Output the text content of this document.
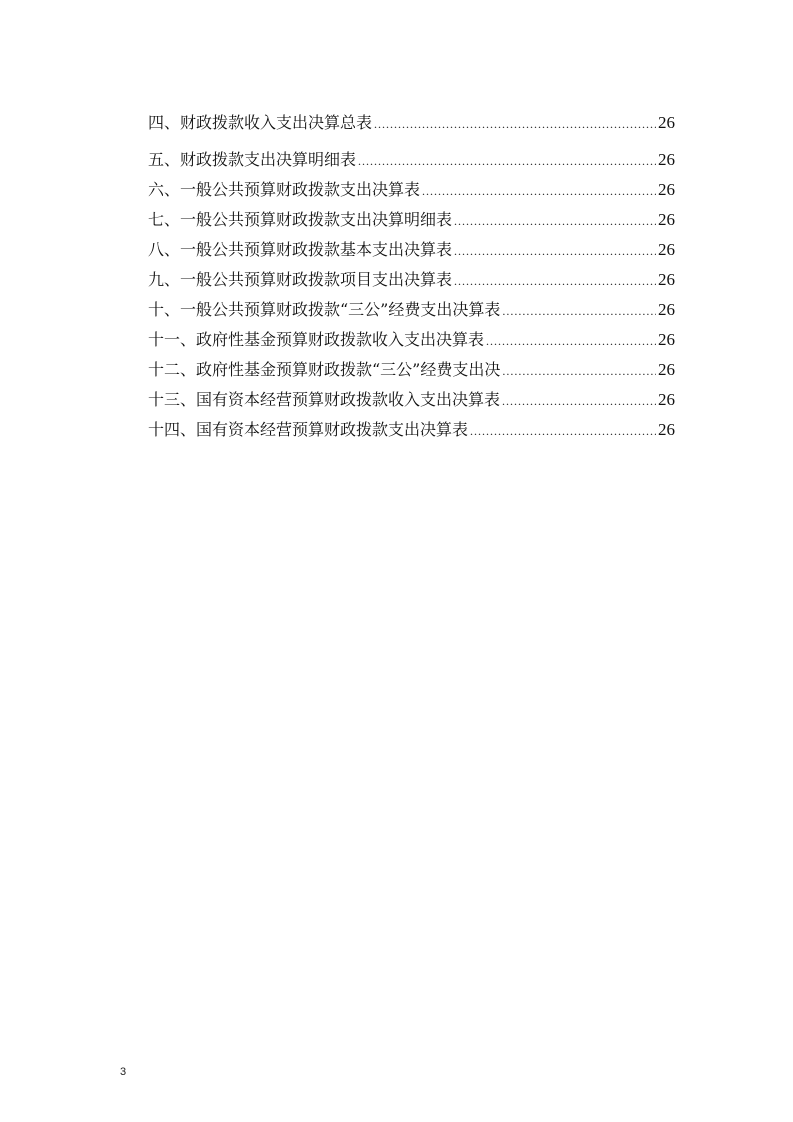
四、财政拨款收入支出决算总表 .....	26
五、财政拨款支出决算明细表 .....	26
六、一般公共预算财政拨款支出决算表 .....	26
七、一般公共预算财政拨款支出决算明细表 .....	26
八、一般公共预算财政拨款基本支出决算表 .....	26
九、一般公共预算财政拨款项目支出决算表 .....	26
十、一般公共预算财政拨款“三公”经费支出决算表 .....	26
十一、政府性基金预算财政拨款收入支出决算表 .....	26
十二、政府性基金预算财政拨款“三公”经费支出决 .....	26
十三、国有资本经营预算财政拨款收入支出决算表 .....	26
十四、国有资本经营预算财政拨款支出决算表 .....	26
3
